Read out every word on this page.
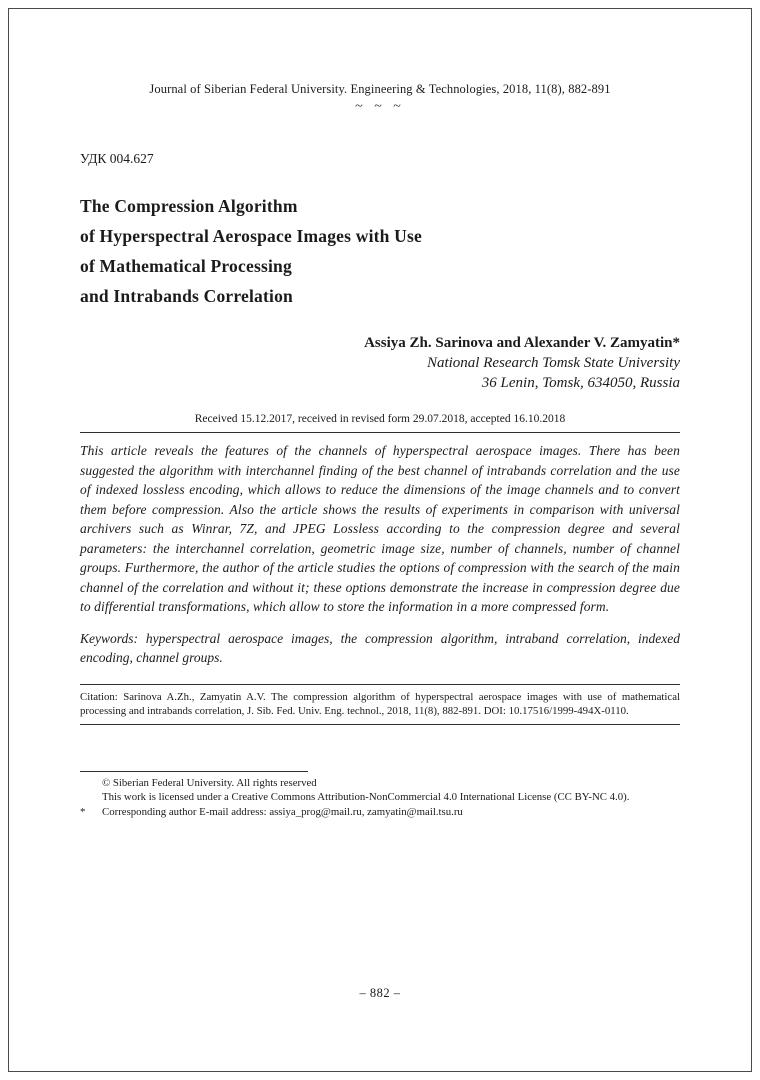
Journal of Siberian Federal University. Engineering & Technologies, 2018, 11(8), 882-891
~ ~ ~
УДК 004.627
The Compression Algorithm
of Hyperspectral Aerospace Images with Use
of Mathematical Processing
and Intrabands Correlation
Assiya Zh. Sarinova and Alexander V. Zamyatin*
National Research Tomsk State University
36 Lenin, Tomsk, 634050, Russia
Received 15.12.2017, received in revised form 29.07.2018, accepted 16.10.2018
This article reveals the features of the channels of hyperspectral aerospace images. There has been suggested the algorithm with interchannel finding of the best channel of intrabands correlation and the use of indexed lossless encoding, which allows to reduce the dimensions of the image channels and to convert them before compression. Also the article shows the results of experiments in comparison with universal archivers such as Winrar, 7Z, and JPEG Lossless according to the compression degree and several parameters: the interchannel correlation, geometric image size, number of channels, number of channel groups. Furthermore, the author of the article studies the options of compression with the search of the main channel of the correlation and without it; these options demonstrate the increase in compression degree due to differential transformations, which allow to store the information in a more compressed form.
Keywords: hyperspectral aerospace images, the compression algorithm, intraband correlation, indexed encoding, channel groups.
Citation: Sarinova A.Zh., Zamyatin A.V. The compression algorithm of hyperspectral aerospace images with use of mathematical processing and intrabands correlation, J. Sib. Fed. Univ. Eng. technol., 2018, 11(8), 882-891. DOI: 10.17516/1999-494X-0110.
© Siberian Federal University. All rights reserved
This work is licensed under a Creative Commons Attribution-NonCommercial 4.0 International License (CC BY-NC 4.0).
* Corresponding author E-mail address: assiya_prog@mail.ru, zamyatin@mail.tsu.ru
– 882 –
